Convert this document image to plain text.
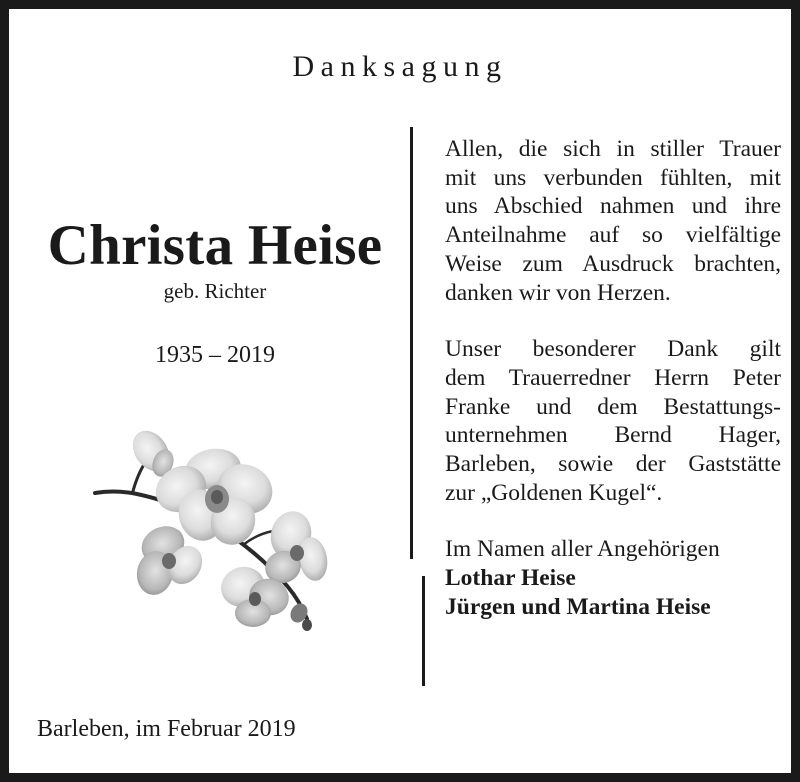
Danksagung
Christa Heise
geb. Richter
1935 – 2019
Allen, die sich in stiller Trauer
mit uns verbunden fühlten, mit
uns Abschied nahmen und ihre
Anteilnahme auf so vielfältige
Weise zum Ausdruck brachten,
danken wir von Herzen.
Unser besonderer Dank gilt
dem Trauerredner Herrn Peter
Franke und dem Bestattungs-
unternehmen Bernd Hager,
Barleben, sowie der Gaststätte
zur „Goldenen Kugel“.
Im Namen aller Angehörigen
Lothar Heise
Jürgen und Martina Heise
Barleben, im Februar 2019
